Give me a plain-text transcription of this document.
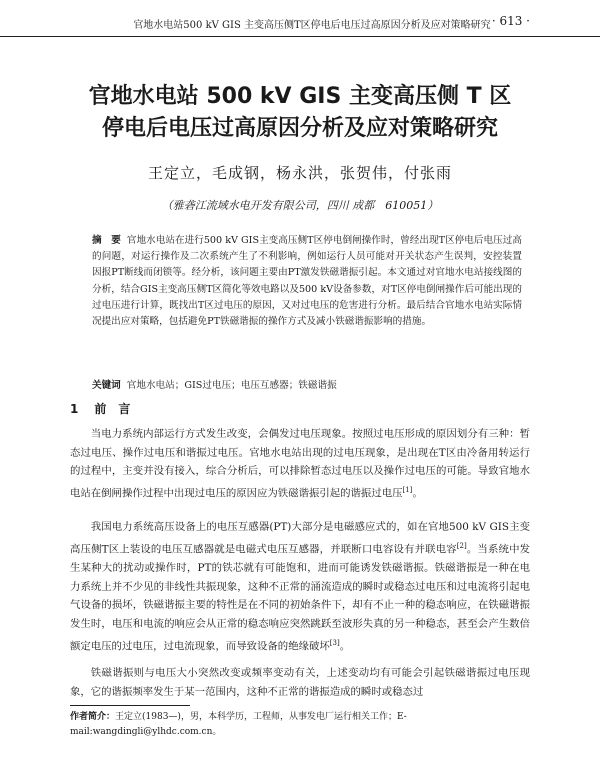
官地水电站500 kV GIS 主变高压侧T区停电后电压过高原因分析及应对策略研究 · 613 ·
官地水电站 500 kV GIS 主变高压侧 T 区
停电后电压过高原因分析及应对策略研究
王定立，毛成钢，杨永洪，张贺伟，付张雨
（雅砻江流域水电开发有限公司，四川 成都　610051）
摘　要 官地水电站在进行500 kV GIS主变高压侧T区停电倒闸操作时，曾经出现T区停电后电压过高的问题，对运行操作及二次系统产生了不利影响，例如运行人员可能对开关状态产生误判，安控装置因报PT断线而闭锁等。经分析，该问题主要由PT激发铁磁谐振引起。本文通过对官地水电站接线图的分析，结合GIS主变高压侧T区简化等效电路以及500 kV设备参数，对T区停电倒闸操作后可能出现的过电压进行计算，既找出T区过电压的原因，又对过电压的危害进行分析。最后结合官地水电站实际情况提出应对策略，包括避免PT铁磁谐振的操作方式及减小铁磁谐振影响的措施。
关键词 官地水电站；GIS过电压；电压互感器；铁磁谐振
1 前　言

当电力系统内部运行方式发生改变，会偶发过电压现象。按照过电压形成的原因划分有三种：暂态过电压、操作过电压和谐振过电压。官地水电站出现的过电压现象，是出现在T区由冷备用转运行的过程中，主变并没有接入，综合分析后，可以排除暂态过电压以及操作过电压的可能。导致官地水电站在倒闸操作过程中出现过电压的原因应为铁磁谐振引起的谐振过电压[1]。

我国电力系统高压设备上的电压互感器(PT)大部分是电磁感应式的，如在官地500 kV GIS主变高压侧T区上装设的电压互感器就是电磁式电压互感器，并联断口电容设有并联电容[2]。当系统中发生某种大的扰动或操作时，PT的铁芯就有可能饱和，进而可能诱发铁磁谐振。铁磁谐振是一种在电力系统上并不少见的非线性共振现象，这种不正常的涌流造成的瞬时或稳态过电压和过电流将引起电气设备的损坏，铁磁谐振主要的特性是在不同的初始条件下，却有不止一种的稳态响应，在铁磁谐振发生时，电压和电流的响应会从正常的稳态响应突然跳跃至波形失真的另一种稳态，甚至会产生数倍额定电压的过电压，过电流现象，而导致设备的绝缘破坏[3]。

铁磁谐振则与电压大小突然改变或频率变动有关，上述变动均有可能会引起铁磁谐振过电压现象，它的谐振频率发生于某一范围内，这种不正常的谐振造成的瞬时或稳态过

作者简介：王定立(1983—)，男，本科学历，工程师，从事发电厂运行相关工作；E-mail:wangdingli@ylhdc.com.cn。
